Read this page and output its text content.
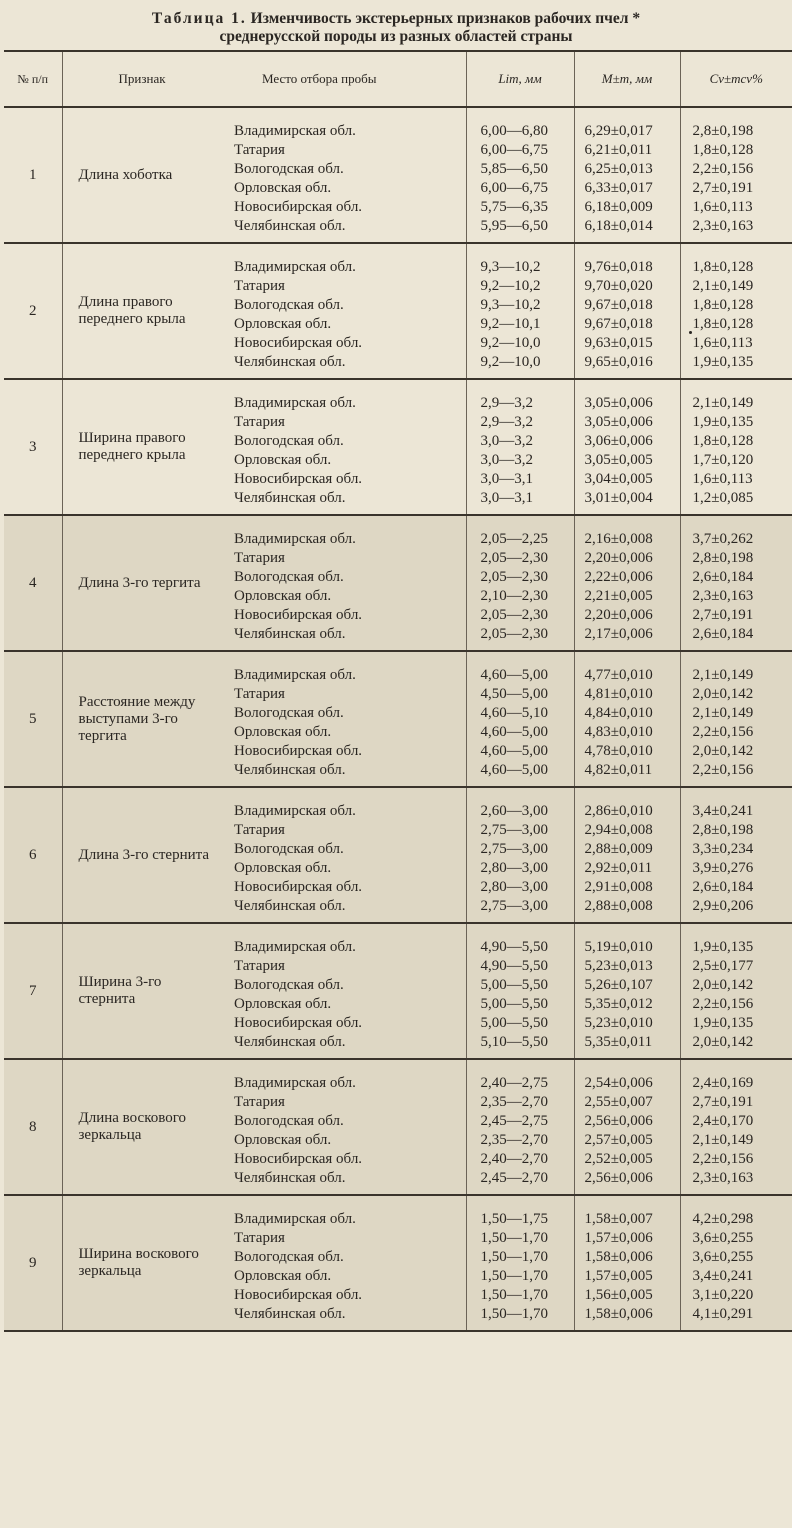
Таблица 1. Изменчивость экстерьерных признаков рабочих пчел *
среднерусской породы из разных областей страны
№ п/п	Признак	Место отбора пробы	Lim, мм	M±m, мм	Cv±mcv%
1	Длина хоботка				
		Владимирская обл.	6,00—6,80	6,29±0,017	2,8±0,198
		Татария	6,00—6,75	6,21±0,011	1,8±0,128
		Вологодская обл.	5,85—6,50	6,25±0,013	2,2±0,156
		Орловская обл.	6,00—6,75	6,33±0,017	2,7±0,191
		Новосибирская обл.	5,75—6,35	6,18±0,009	1,6±0,113
		Челябинская обл.	5,95—6,50	6,18±0,014	2,3±0,163

2	Длина правого переднего крыла				
		Владимирская обл.	9,3—10,2	9,76±0,018	1,8±0,128
		Татария	9,2—10,2	9,70±0,020	2,1±0,149
		Вологодская обл.	9,3—10,2	9,67±0,018	1,8±0,128
		Орловская обл.	9,2—10,1	9,67±0,018	1,8±0,128
		Новосибирская обл.	9,2—10,0	9,63±0,015	1,6±0,113
		Челябинская обл.	9,2—10,0	9,65±0,016	1,9±0,135

3	Ширина правого переднего крыла				
		Владимирская обл.	2,9—3,2	3,05±0,006	2,1±0,149
		Татария	2,9—3,2	3,05±0,006	1,9±0,135
		Вологодская обл.	3,0—3,2	3,06±0,006	1,8±0,128
		Орловская обл.	3,0—3,2	3,05±0,005	1,7±0,120
		Новосибирская обл.	3,0—3,1	3,04±0,005	1,6±0,113
		Челябинская обл.	3,0—3,1	3,01±0,004	1,2±0,085

4	Длина 3-го тергита				
		Владимирская обл.	2,05—2,25	2,16±0,008	3,7±0,262
		Татария	2,05—2,30	2,20±0,006	2,8±0,198
		Вологодская обл.	2,05—2,30	2,22±0,006	2,6±0,184
		Орловская обл.	2,10—2,30	2,21±0,005	2,3±0,163
		Новосибирская обл.	2,05—2,30	2,20±0,006	2,7±0,191
		Челябинская обл.	2,05—2,30	2,17±0,006	2,6±0,184

5	Расстояние между выступами 3-го тергита				
		Владимирская обл.	4,60—5,00	4,77±0,010	2,1±0,149
		Татария	4,50—5,00	4,81±0,010	2,0±0,142
		Вологодская обл.	4,60—5,10	4,84±0,010	2,1±0,149
		Орловская обл.	4,60—5,00	4,83±0,010	2,2±0,156
		Новосибирская обл.	4,60—5,00	4,78±0,010	2,0±0,142
		Челябинская обл.	4,60—5,00	4,82±0,011	2,2±0,156

6	Длина 3-го стернита				
		Владимирская обл.	2,60—3,00	2,86±0,010	3,4±0,241
		Татария	2,75—3,00	2,94±0,008	2,8±0,198
		Вологодская обл.	2,75—3,00	2,88±0,009	3,3±0,234
		Орловская обл.	2,80—3,00	2,92±0,011	3,9±0,276
		Новосибирская обл.	2,80—3,00	2,91±0,008	2,6±0,184
		Челябинская обл.	2,75—3,00	2,88±0,008	2,9±0,206

7	Ширина 3-го стернита				
		Владимирская обл.	4,90—5,50	5,19±0,010	1,9±0,135
		Татария	4,90—5,50	5,23±0,013	2,5±0,177
		Вологодская обл.	5,00—5,50	5,26±0,107	2,0±0,142
		Орловская обл.	5,00—5,50	5,35±0,012	2,2±0,156
		Новосибирская обл.	5,00—5,50	5,23±0,010	1,9±0,135
		Челябинская обл.	5,10—5,50	5,35±0,011	2,0±0,142

8	Длина воскового зеркальца				
		Владимирская обл.	2,40—2,75	2,54±0,006	2,4±0,169
		Татария	2,35—2,70	2,55±0,007	2,7±0,191
		Вологодская обл.	2,45—2,75	2,56±0,006	2,4±0,170
		Орловская обл.	2,35—2,70	2,57±0,005	2,1±0,149
		Новосибирская обл.	2,40—2,70	2,52±0,005	2,2±0,156
		Челябинская обл.	2,45—2,70	2,56±0,006	2,3±0,163

9	Ширина воскового зеркальца				
		Владимирская обл.	1,50—1,75	1,58±0,007	4,2±0,298
		Татария	1,50—1,70	1,57±0,006	3,6±0,255
		Вологодская обл.	1,50—1,70	1,58±0,006	3,6±0,255
		Орловская обл.	1,50—1,70	1,57±0,005	3,4±0,241
		Новосибирская обл.	1,50—1,70	1,56±0,005	3,1±0,220
		Челябинская обл.	1,50—1,70	1,58±0,006	4,1±0,291
